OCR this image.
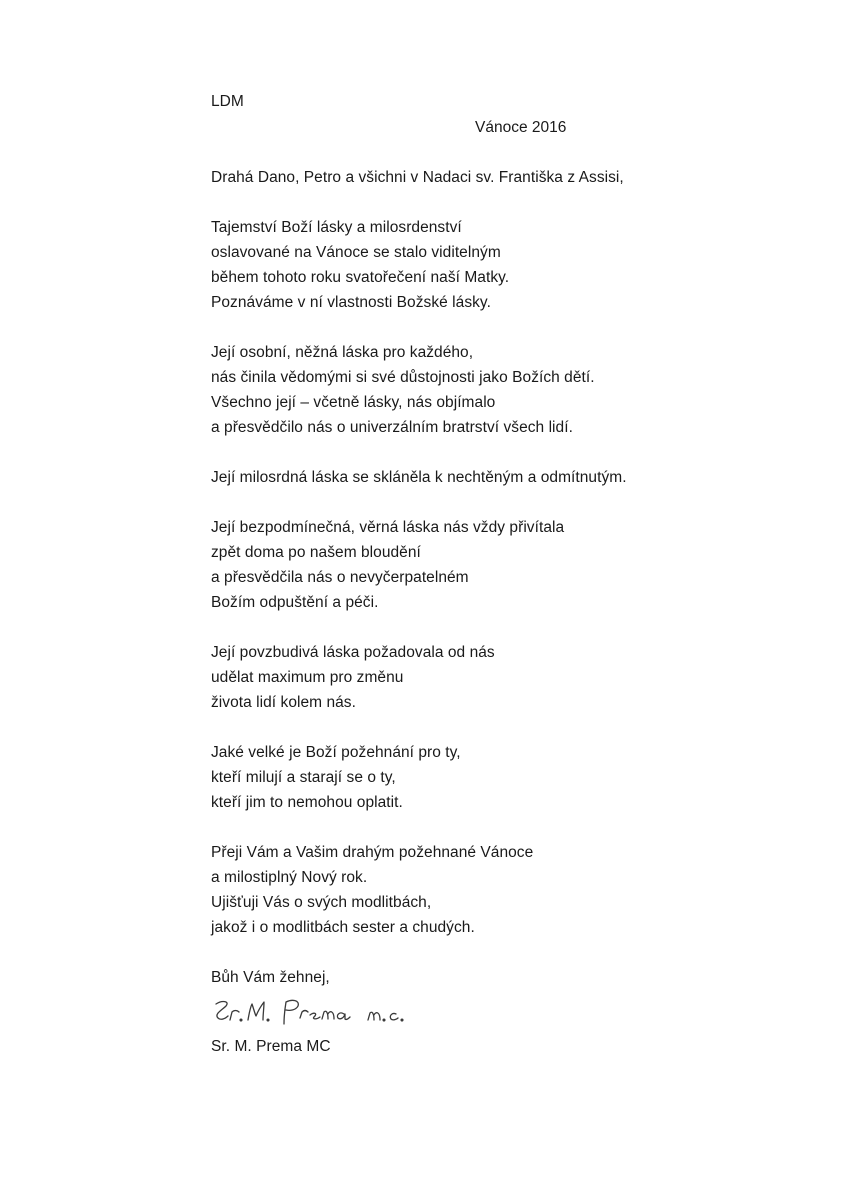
LDM
Vánoce 2016
Drahá Dano, Petro a všichni v Nadaci sv. Františka z Assisi,
Tajemství Boží lásky a milosrdenství
oslavované na Vánoce se stalo viditelným
během tohoto roku svatořečení naší Matky.
Poznáváme v ní vlastnosti Božské lásky.
Její osobní, něžná láska pro každého,
nás činila vědomými si své důstojnosti jako Božích dětí.
Všechno její – včetně lásky, nás objímalo
a přesvědčilo nás o univerzálním bratrství všech lidí.
Její milosrdná láska se skláněla k nechtěným a odmítnutým.
Její bezpodmínečná, věrná láska nás vždy přivítala
zpět doma po našem bloudění
a přesvědčila nás o nevyčerpatelném
Božím odpuštění a péči.
Její povzbudivá láska požadovala od nás
udělat maximum pro změnu
života lidí kolem nás.
Jaké velké je Boží požehnání pro ty,
kteří milují a starají se o ty,
kteří jim to nemohou oplatit.
Přeji Vám a Vašim drahým požehnané Vánoce
a milostiplný Nový rok.
Ujišťuji Vás o svých modlitbách,
jakož i o modlitbách sester a chudých.
Bůh Vám žehnej,
Sr. M. Prema MC
